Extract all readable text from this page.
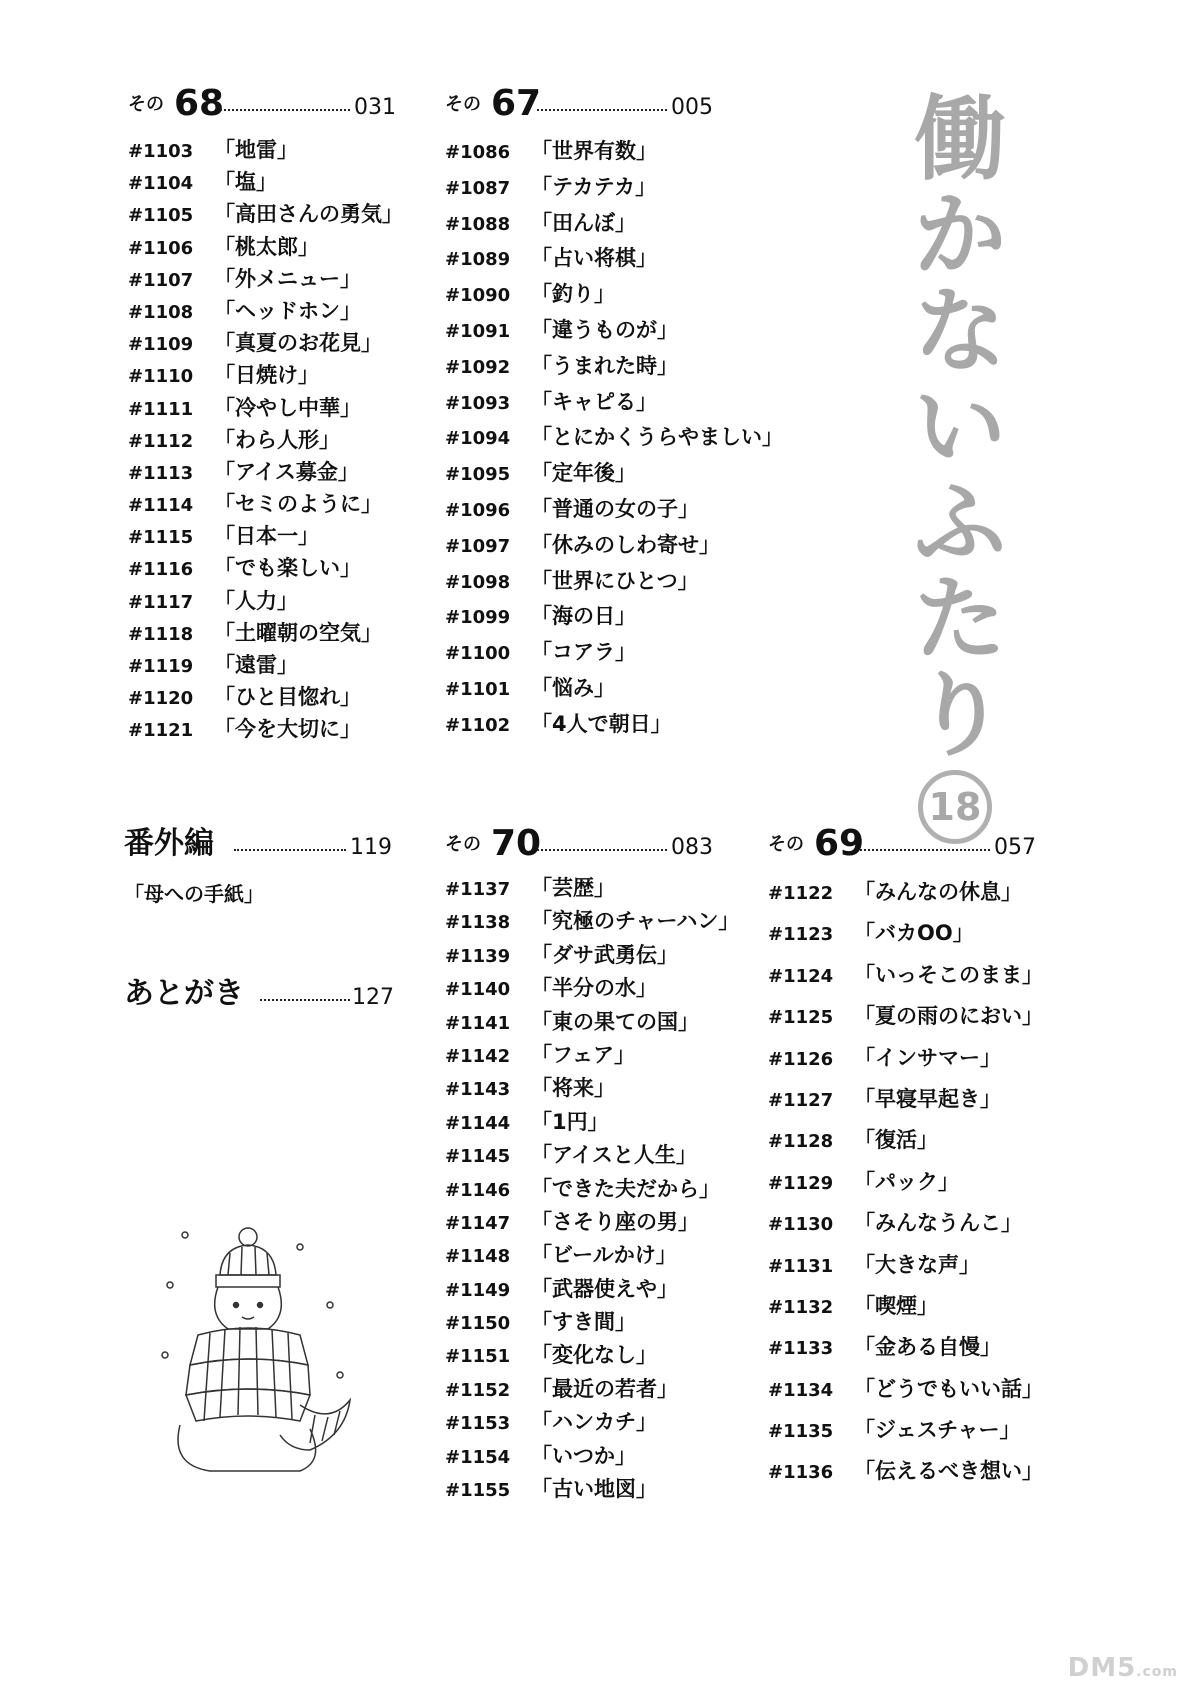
その 68	031
#1103 「地雷」
#1104 「塩」
#1105 「高田さんの勇気」
#1106 「桃太郎」
#1107 「外メニュー」
#1108 「ヘッドホン」
#1109 「真夏のお花見」
#1110 「日焼け」
#1111 「冷やし中華」
#1112 「わら人形」
#1113 「アイス募金」
#1114 「セミのように」
#1115 「日本一」
#1116 「でも楽しい」
#1117 「人力」
#1118 「土曜朝の空気」
#1119 「遠雷」
#1120 「ひと目惚れ」
#1121 「今を大切に」
その 67	005
#1086 「世界有数」
#1087 「テカテカ」
#1088 「田んぼ」
#1089 「占い将棋」
#1090 「釣り」
#1091 「違うものが」
#1092 「うまれた時」
#1093 「キャピる」
#1094 「とにかくうらやましい」
#1095 「定年後」
#1096 「普通の女の子」
#1097 「休みのしわ寄せ」
#1098 「世界にひとつ」
#1099 「海の日」
#1100 「コアラ」
#1101 「悩み」
#1102 「4人で朝日」
働
か
な
い
ふ
た
り
18
番外編	119
「母への手紙」
あとがき	127
その 70	083
#1137 「芸歴」
#1138 「究極のチャーハン」
#1139 「ダサ武勇伝」
#1140 「半分の水」
#1141 「東の果ての国」
#1142 「フェア」
#1143 「将来」
#1144 「1円」
#1145 「アイスと人生」
#1146 「できた夫だから」
#1147 「さそり座の男」
#1148 「ビールかけ」
#1149 「武器使えや」
#1150 「すき間」
#1151 「変化なし」
#1152 「最近の若者」
#1153 「ハンカチ」
#1154 「いつか」
#1155 「古い地図」
その 69	057
#1122 「みんなの休息」
#1123 「バカOO」
#1124 「いっそこのまま」
#1125 「夏の雨のにおい」
#1126 「インサマー」
#1127 「早寝早起き」
#1128 「復活」
#1129 「パック」
#1130 「みんなうんこ」
#1131 「大きな声」
#1132 「喫煙」
#1133 「金ある自慢」
#1134 「どうでもいい話」
#1135 「ジェスチャー」
#1136 「伝えるべき想い」
DM5.com
